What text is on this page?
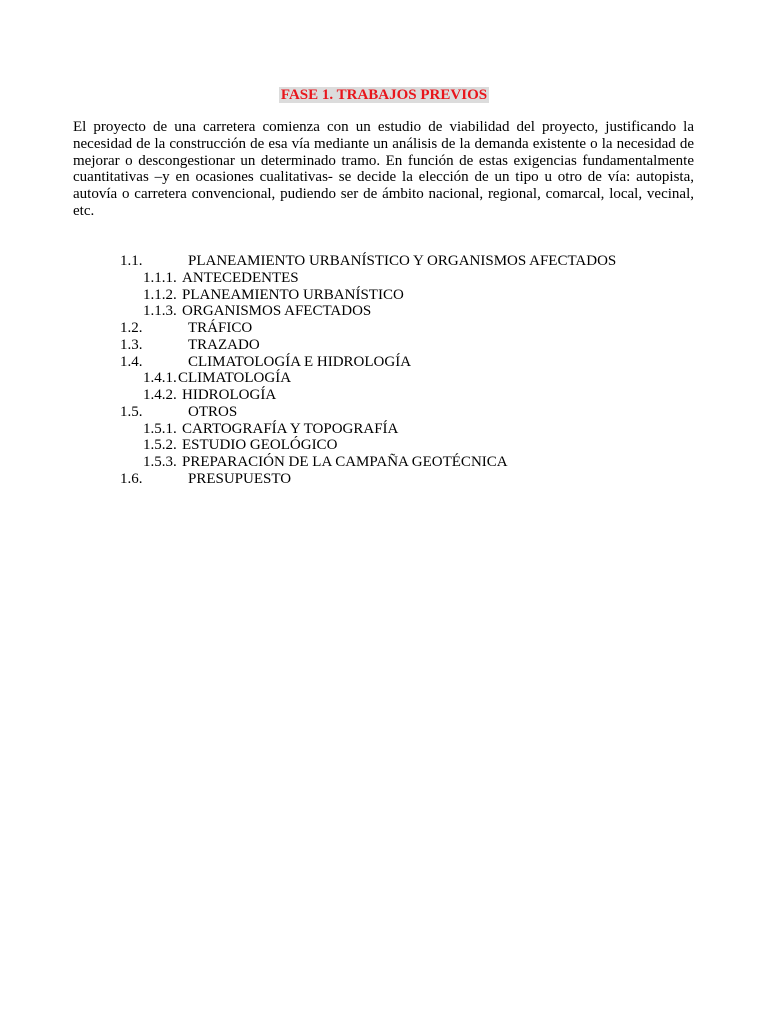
FASE 1. TRABAJOS PREVIOS

El proyecto de una carretera comienza con un estudio de viabilidad del proyecto, justificando la necesidad de la construcción de esa vía mediante un análisis de la demanda existente o la necesidad de mejorar o descongestionar un determinado tramo. En función de estas exigencias fundamentalmente cuantitativas –y en ocasiones cualitativas- se decide la elección de un tipo u otro de vía: autopista, autovía o carretera convencional, pudiendo ser de ámbito nacional, regional, comarcal, local, vecinal, etc.

1.1.	PLANEAMIENTO URBANÍSTICO Y ORGANISMOS AFECTADOS
1.1.1. ANTECEDENTES
1.1.2. PLANEAMIENTO URBANÍSTICO
1.1.3. ORGANISMOS AFECTADOS
1.2.	TRÁFICO
1.3.	TRAZADO
1.4.	CLIMATOLOGÍA E HIDROLOGÍA
1.4.1. CLIMATOLOGÍA
1.4.2. HIDROLOGÍA
1.5.	OTROS
1.5.1. CARTOGRAFÍA Y TOPOGRAFÍA
1.5.2. ESTUDIO GEOLÓGICO
1.5.3. PREPARACIÓN DE LA CAMPAÑA GEOTÉCNICA
1.6.	PRESUPUESTO
